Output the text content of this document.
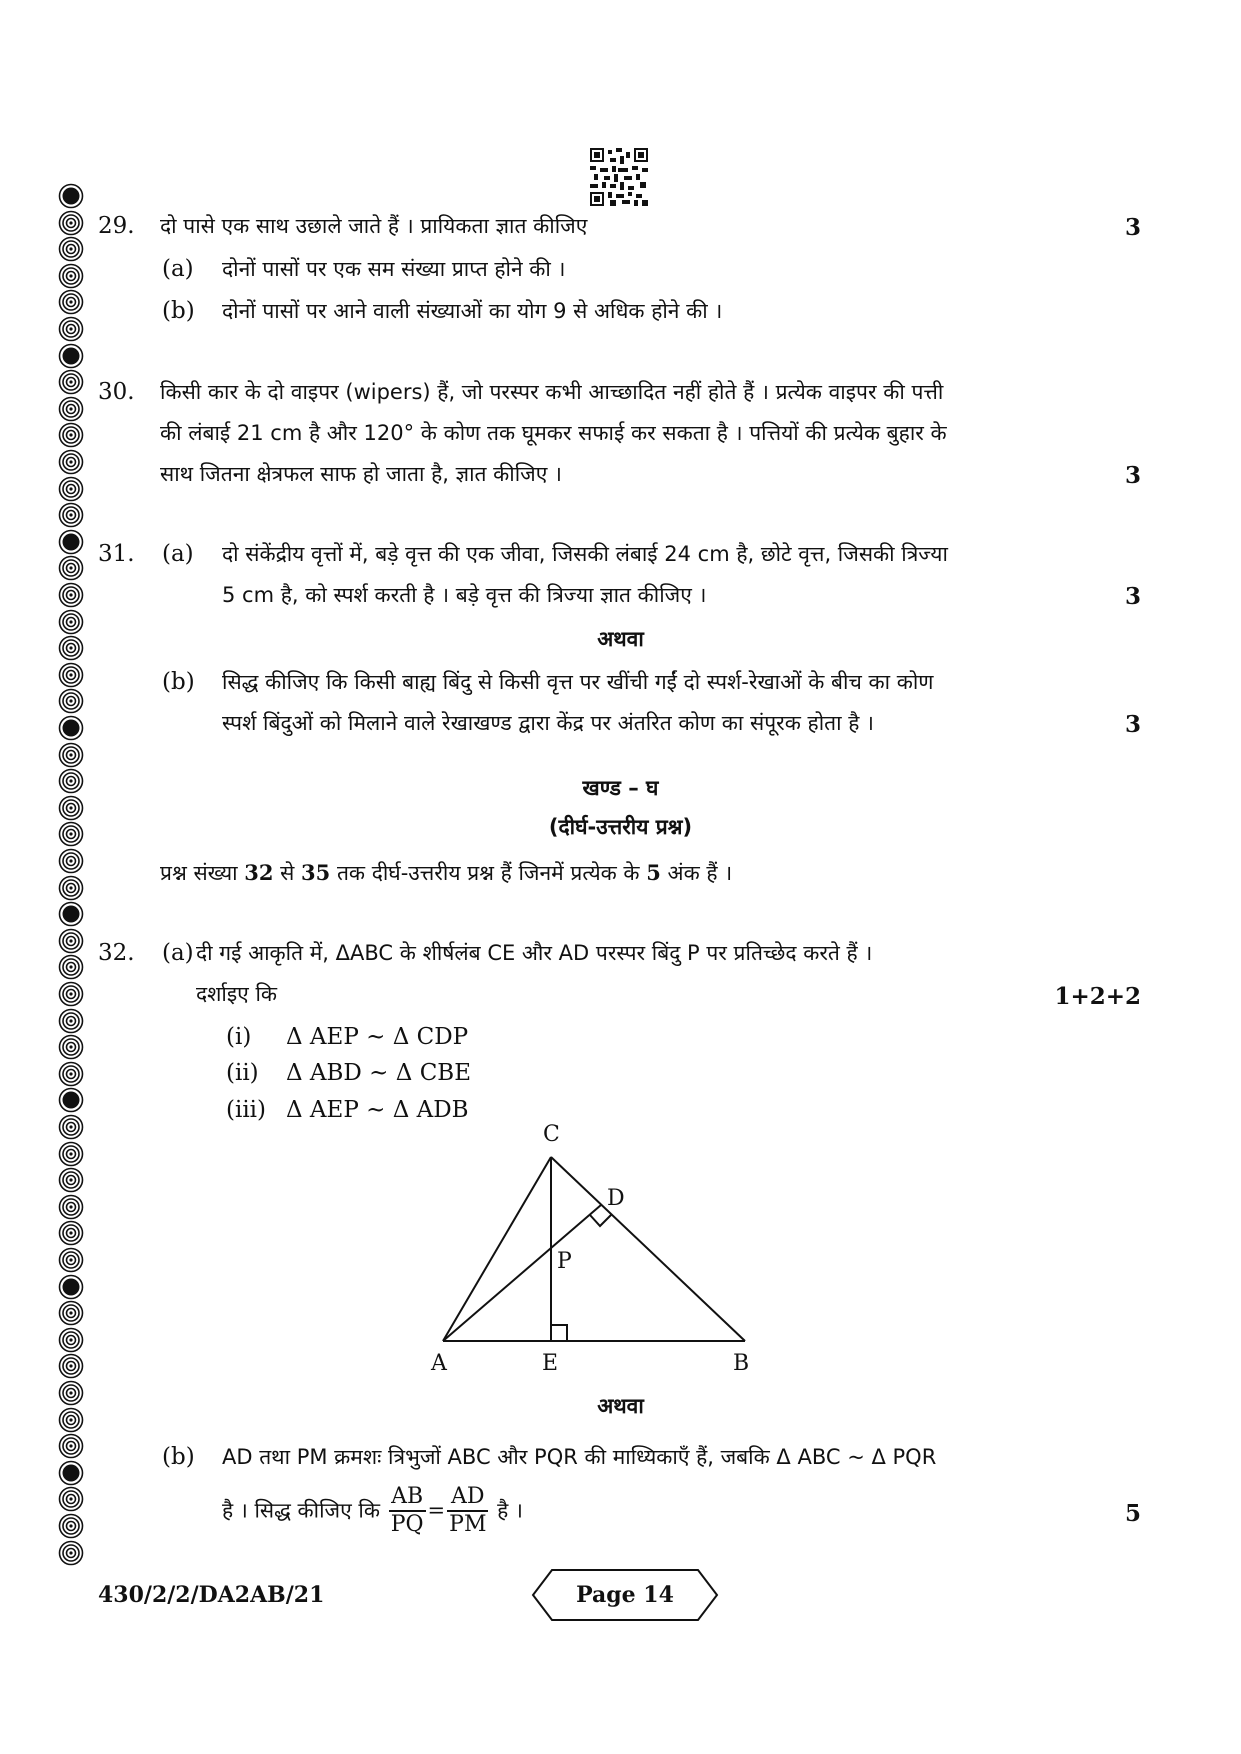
29. दो पासे एक साथ उछाले जाते हैं । प्रायिकता ज्ञात कीजिए	3
(a) दोनों पासों पर एक सम संख्या प्राप्त होने की ।
(b) दोनों पासों पर आने वाली संख्याओं का योग 9 से अधिक होने की ।
30. किसी कार के दो वाइपर (wipers) हैं, जो परस्पर कभी आच्छादित नहीं होते हैं । प्रत्येक वाइपर की पत्ती
की लंबाई 21 cm है और 120° के कोण तक घूमकर सफाई कर सकता है । पत्तियों की प्रत्येक बुहार के
साथ जितना क्षेत्रफल साफ हो जाता है, ज्ञात कीजिए ।	3
31. (a) दो संकेंद्रीय वृत्तों में, बड़े वृत्त की एक जीवा, जिसकी लंबाई 24 cm है, छोटे वृत्त, जिसकी त्रिज्या
5 cm है, को स्पर्श करती है । बड़े वृत्त की त्रिज्या ज्ञात कीजिए ।	3
अथवा
(b) सिद्ध कीजिए कि किसी बाह्य बिंदु से किसी वृत्त पर खींची गईं दो स्पर्श-रेखाओं के बीच का कोण
स्पर्श बिंदुओं को मिलाने वाले रेखाखण्ड द्वारा केंद्र पर अंतरित कोण का संपूरक होता है ।	3
खण्ड – घ
(दीर्घ-उत्तरीय प्रश्न)
प्रश्न संख्या 32 से 35 तक दीर्घ-उत्तरीय प्रश्न हैं जिनमें प्रत्येक के 5 अंक हैं ।
32. (a) दी गई आकृति में, ΔABC के शीर्षलंब CE और AD परस्पर बिंदु P पर प्रतिच्छेद करते हैं ।
दर्शाइए कि	1+2+2
(i) Δ AEP ~ Δ CDP
(ii) Δ ABD ~ Δ CBE
(iii) Δ AEP ~ Δ ADB
C
D
P
A	E	B
अथवा
(b) AD तथा PM क्रमशः त्रिभुजों ABC और PQR की माध्यिकाएँ हैं, जबकि Δ ABC ~ Δ PQR
है । सिद्ध कीजिए कि $\frac{AB}{PQ} = \frac{AD}{PM}$ है ।	5
430/2/2/DA2AB/21	Page 14
